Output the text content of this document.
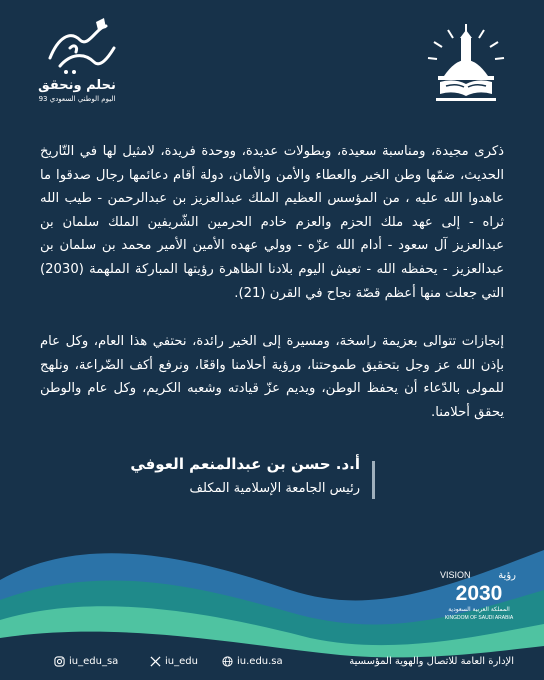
نحلم ونحقق
اليوم الوطني السعودي 93

ذكرى مجيدة، ومناسبة سعيدة، وبطولات عديدة، ووحدة فريدة، لامثيل لها في التّاريخ الحديث، ضمّها وطن الخير والعطاء والأمن والأمان، دولة أقام دعائمها رجال صدقوا ما عاهدوا الله عليه ، من المؤسس العظيم الملك عبدالعزيز بن عبدالرحمن - طيب الله ثراه - إلى عهد ملك الحزم والعزم خادم الحرمين الشّريفين الملك سلمان بن عبدالعزيز آل سعود - أدام الله عزّه - وولي عهده الأمين الأمير محمد بن سلمان بن عبدالعزيز - يحفظه الله - تعيش اليوم بلادنا الظاهرة رؤيتها المباركة الملهمة (2030) التي جعلت منها أعظم قصّة نجاح في القرن (21).

إنجازات تتوالى بعزيمة راسخة، ومسيرة إلى الخير رائدة، نحتفي هذا العام، وكل عام بإذن الله عز وجل بتحقيق طموحتنا، ورؤية أحلامنا واقعًا، ونرفع أكف الضّراعة، ونلهج للمولى بالدّعاء أن يحفظ الوطن، ويديم عزّ قيادته وشعبه الكريم، وكل عام والوطن يحقق أحلامنا.

أ.د. حسن بن عبدالمنعم العوفي
رئيس الجامعة الإسلامية المكلف
VISION	رؤية
2030
المملكة العربية السعودية
KINGDOM OF SAUDI ARABIA
iu_edu_sa	iu_edu	iu.edu.sa	الإدارة العامة للاتصال والهوية المؤسسية
